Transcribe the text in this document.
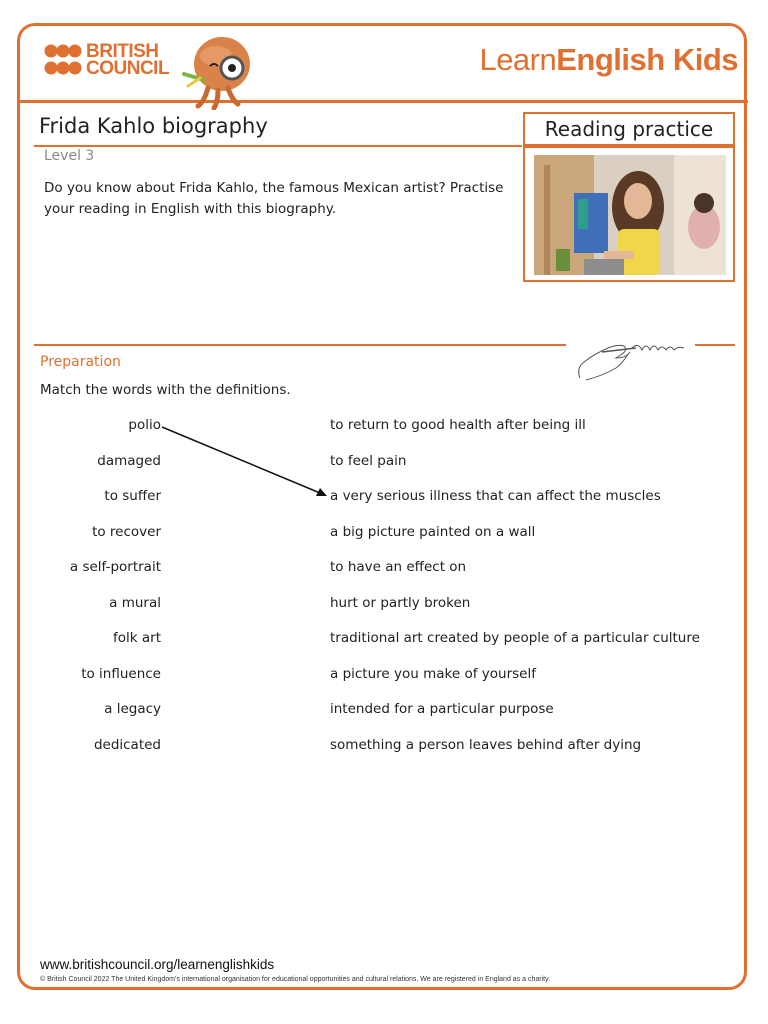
BRITISH
COUNCIL	LearnEnglish Kids
Frida Kahlo biography	Reading practice
Level 3
Do you know about Frida Kahlo, the famous Mexican artist? Practise your reading in English with this biography.
Preparation
Match the words with the definitions.
polio
damaged
to suffer
to recover
a self-portrait
a mural
folk art
to influence
a legacy
dedicated
to return to good health after being ill
to feel pain
a very serious illness that can affect the muscles
a big picture painted on a wall
to have an effect on
hurt or partly broken
traditional art created by people of a particular culture
a picture you make of yourself
intended for a particular purpose
something a person leaves behind after dying
www.britishcouncil.org/learnenglishkids
© British Council 2022 The United Kingdom's international organisation for educational opportunities and cultural relations. We are registered in England as a charity.
